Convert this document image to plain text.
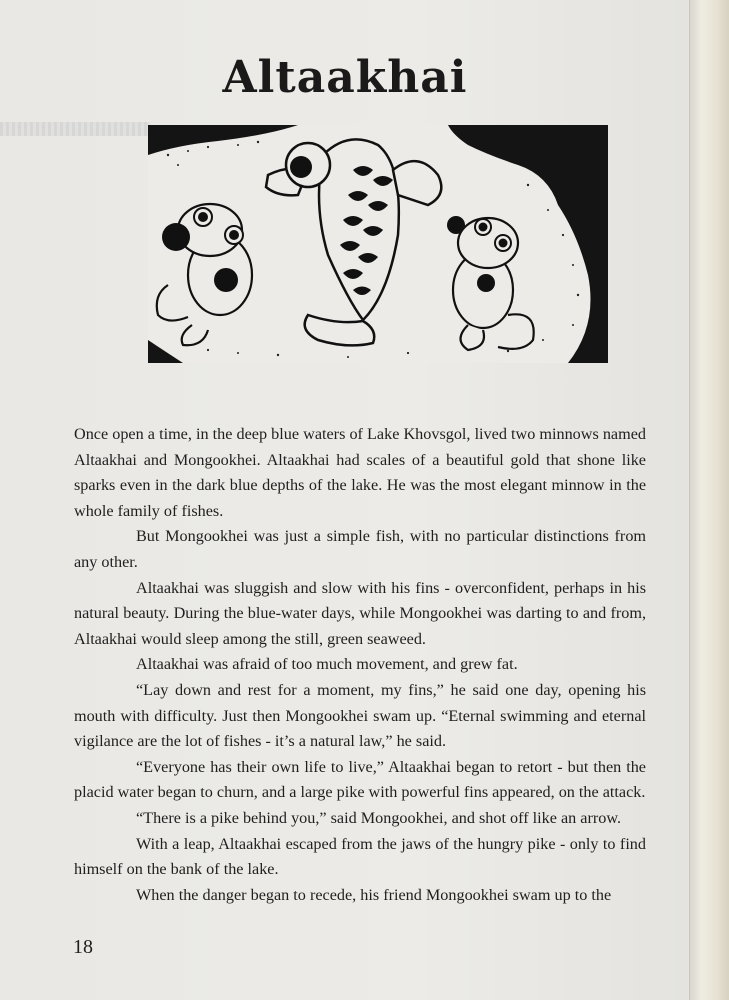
Altaakhai

Once open a time, in the deep blue waters of Lake Khovsgol, lived two minnows named Altaakhai and Mongookhei. Altaakhai had scales of a beautiful gold that shone like sparks even in the dark blue depths of the lake. He was the most elegant minnow in the whole family of fishes.

But Mongookhei was just a simple fish, with no particular distinctions from any other.

Altaakhai was sluggish and slow with his fins - overconfident, perhaps in his natural beauty. During the blue-water days, while Mongookhei was darting to and from, Altaakhai would sleep among the still, green seaweed.

Altaakhai was afraid of too much movement, and grew fat.

“Lay down and rest for a moment, my fins,” he said one day, opening his mouth with difficulty. Just then Mongookhei swam up. “Eternal swimming and eternal vigilance are the lot of fishes - it’s a natural law,” he said.

“Everyone has their own life to live,” Altaakhai began to retort - but then the placid water began to churn, and a large pike with powerful fins appeared, on the attack.

“There is a pike behind you,” said Mongookhei, and shot off like an arrow.

With a leap, Altaakhai escaped from the jaws of the hungry pike - only to find himself on the bank of the lake.

When the danger began to recede, his friend Mongookhei swam up to the

18
